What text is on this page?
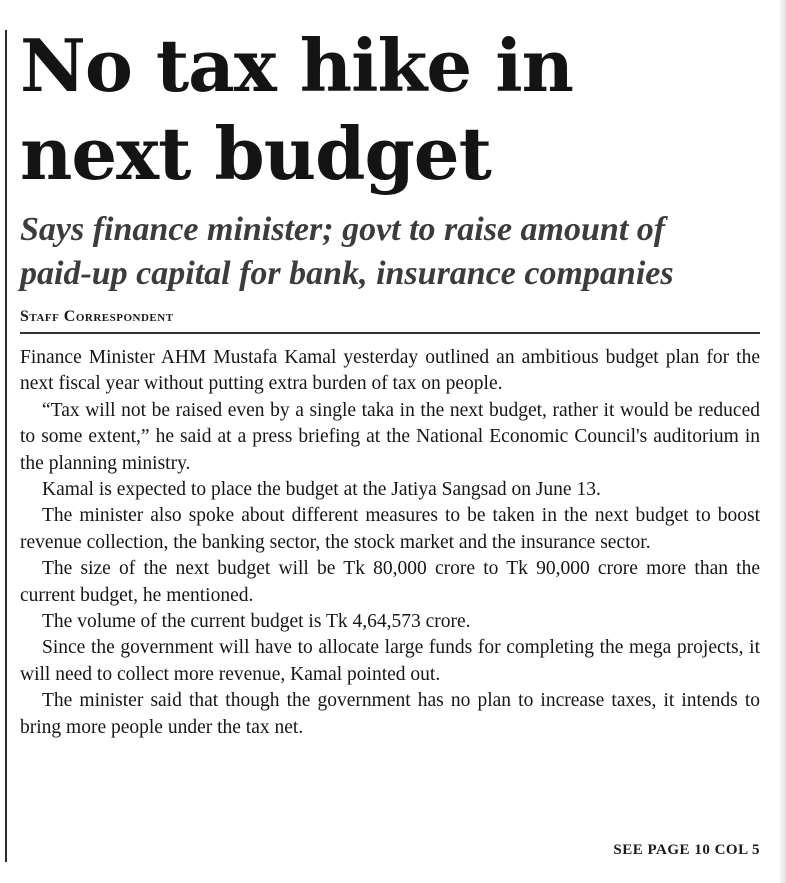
No tax hike in
next budget
Says finance minister; govt to raise amount of
paid-up capital for bank, insurance companies
Staff Correspondent

Finance Minister AHM Mustafa Kamal yesterday outlined an ambitious budget plan for the next fiscal year without putting extra burden of tax on people.

“Tax will not be raised even by a single taka in the next budget, rather it would be reduced to some extent,” he said at a press briefing at the National Economic Council's auditorium in the planning ministry.

Kamal is expected to place the budget at the Jatiya Sangsad on June 13.

The minister also spoke about different measures to be taken in the next budget to boost revenue collection, the banking sector, the stock market and the insurance sector.

The size of the next budget will be Tk 80,000 crore to Tk 90,000 crore more than the current budget, he mentioned.

The volume of the current budget is Tk 4,64,573 crore.

Since the government will have to allocate large funds for completing the mega projects, it will need to collect more revenue, Kamal pointed out.

The minister said that though the government has no plan to increase taxes, it intends to bring more people under the tax net.

SEE PAGE 10 COL 5
